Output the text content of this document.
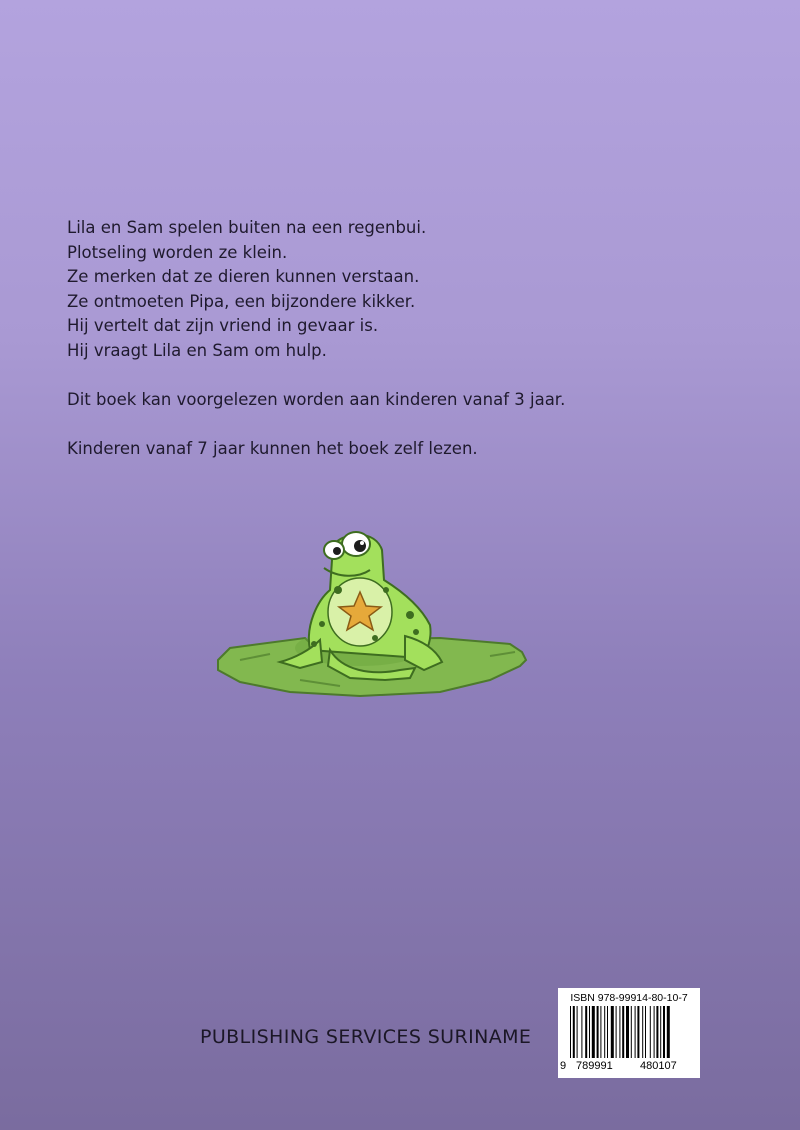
Lila en Sam spelen buiten na een regenbui.

Plotseling worden ze klein.

Ze merken dat ze dieren kunnen verstaan.

Ze ontmoeten Pipa, een bijzondere kikker.

Hij vertelt dat zijn vriend in gevaar is.

Hij vraagt Lila en Sam om hulp.

Dit boek kan voorgelezen worden aan kinderen vanaf 3 jaar.

Kinderen vanaf 7 jaar kunnen het boek zelf lezen.

PUBLISHING SERVICES SURINAME
ISBN 978-99914-80-10-7
9 789991 480107
